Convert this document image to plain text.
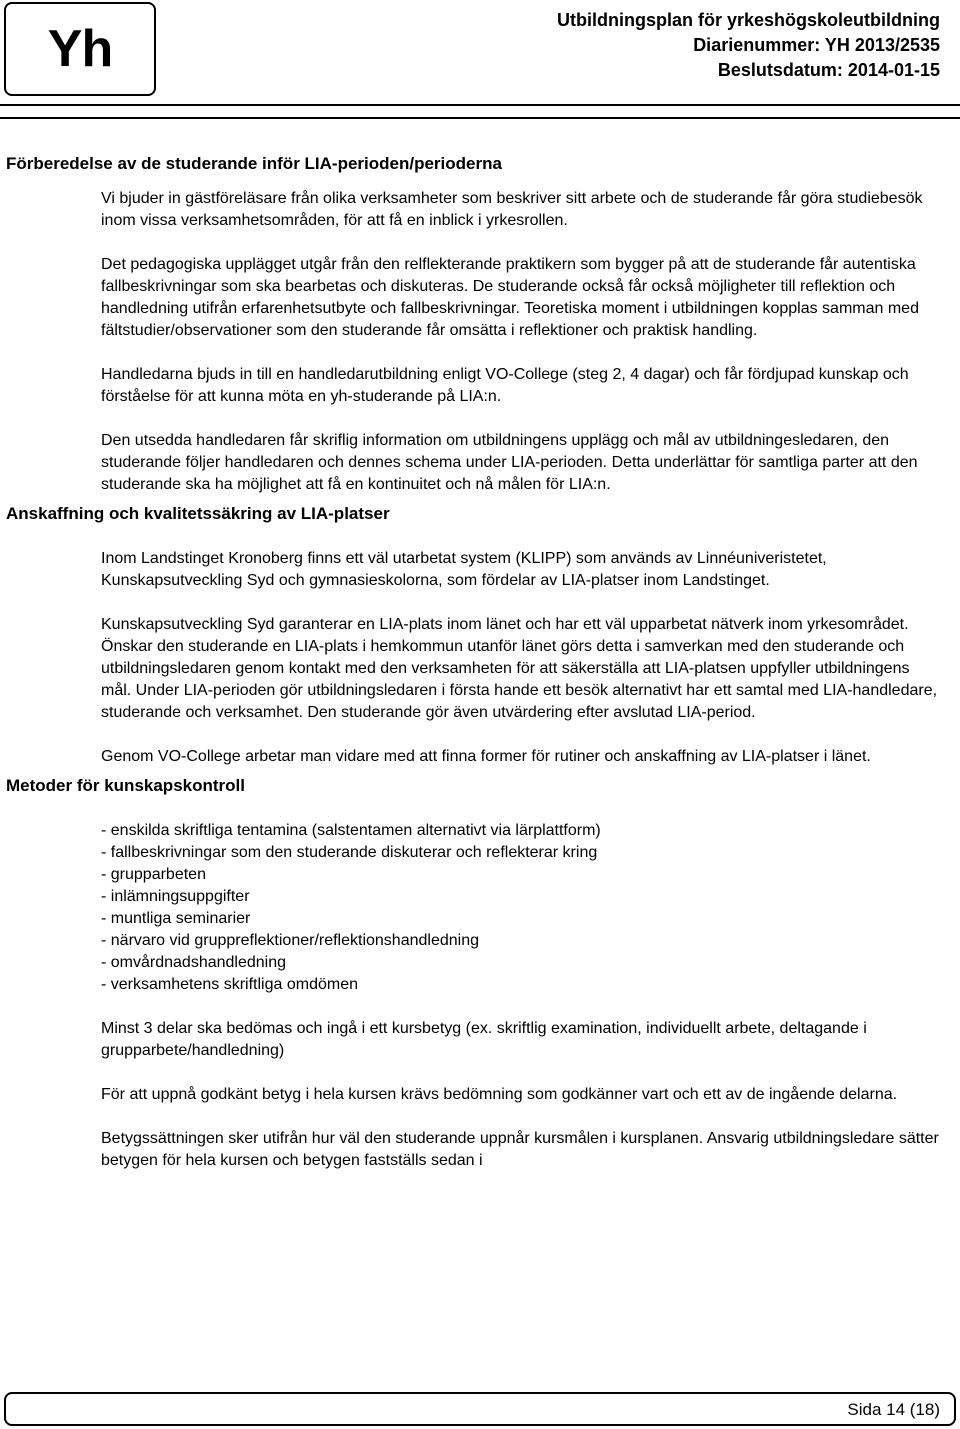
Yh	Utbildningsplan för yrkeshögskoleutbildning
Diarienummer: YH 2013/2535
Beslutsdatum: 2014-01-15
Förberedelse av de studerande inför LIA-perioden/perioderna

Vi bjuder in gästföreläsare från olika verksamheter som beskriver sitt arbete och de studerande får göra studiebesök inom vissa verksamhetsområden, för att få en inblick i yrkesrollen.

Det pedagogiska upplägget utgår från den relflekterande praktikern som bygger på att de studerande får autentiska fallbeskrivningar som ska bearbetas och diskuteras. De studerande också får också möjligheter till reflektion och handledning utifrån erfarenhetsutbyte och fallbeskrivningar. Teoretiska moment i utbildningen kopplas samman med fältstudier/observationer som den studerande får omsätta i reflektioner och praktisk handling.

Handledarna bjuds in till en handledarutbildning enligt VO-College (steg 2, 4 dagar) och får fördjupad kunskap och förståelse för att kunna möta en yh-studerande på LIA:n.

Den utsedda handledaren får skriflig information om utbildningens upplägg och mål av utbildningesledaren, den studerande följer handledaren och dennes schema under LIA-perioden. Detta underlättar för samtliga parter att den studerande ska ha möjlighet att få en kontinuitet och nå målen för LIA:n.

Anskaffning och kvalitetssäkring av LIA-platser

Inom Landstinget Kronoberg finns ett väl utarbetat system (KLIPP) som används av Linnéuniveristetet, Kunskapsutveckling Syd och gymnasieskolorna, som fördelar av LIA-platser inom Landstinget.

Kunskapsutveckling Syd garanterar en LIA-plats inom länet och har ett väl upparbetat nätverk inom yrkesområdet. Önskar den studerande en LIA-plats i hemkommun utanför länet görs detta i samverkan med den studerande och utbildningsledaren genom kontakt med den verksamheten för att säkerställa att LIA-platsen uppfyller utbildningens mål. Under LIA-perioden gör utbildningsledaren i första hande ett besök alternativt har ett samtal med LIA-handledare, studerande och verksamhet. Den studerande gör även utvärdering efter avslutad LIA-period.

Genom VO-College arbetar man vidare med att finna former för rutiner och anskaffning av LIA-platser i länet.

Metoder för kunskapskontroll
- enskilda skriftliga tentamina (salstentamen alternativt via lärplattform)
- fallbeskrivningar som den studerande diskuterar och reflekterar kring
- grupparbeten
- inlämningsuppgifter
- muntliga seminarier
- närvaro vid gruppreflektioner/reflektionshandledning
- omvårdnadshandledning
- verksamhetens skriftliga omdömen

Minst 3 delar ska bedömas och ingå i ett kursbetyg (ex. skriftlig examination, individuellt arbete, deltagande i grupparbete/handledning)

För att uppnå godkänt betyg i hela kursen krävs bedömning som godkänner vart och ett av de ingående delarna.

Betygssättningen sker utifrån hur väl den studerande uppnår kursmålen i kursplanen. Ansvarig utbildningsledare sätter betygen för hela kursen och betygen fastställs sedan i

Sida 14 (18)
